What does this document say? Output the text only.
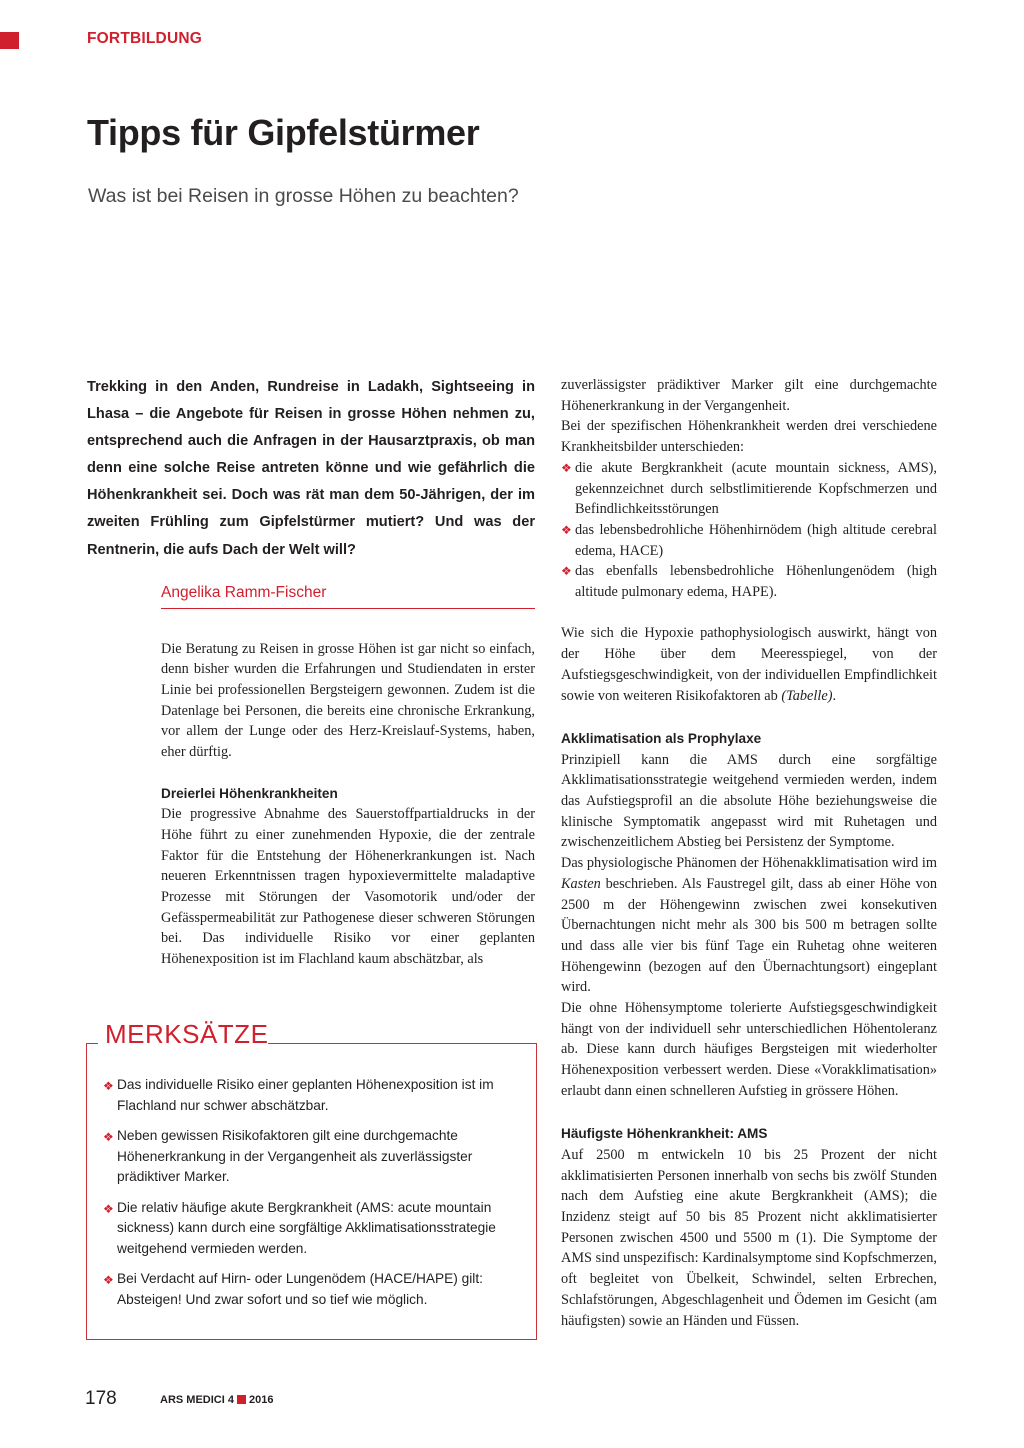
FORTBILDUNG
Tipps für Gipfelstürmer
Was ist bei Reisen in grosse Höhen zu beachten?

Trekking in den Anden, Rundreise in Ladakh, Sightseeing in Lhasa – die Angebote für Reisen in grosse Höhen nehmen zu, entsprechend auch die Anfragen in der Hausarztpraxis, ob man denn eine solche Reise antreten könne und wie gefährlich die Höhenkrankheit sei. Doch was rät man dem 50-Jährigen, der im zweiten Frühling zum Gipfelstürmer mutiert? Und was der Rentnerin, die aufs Dach der Welt will?

Angelika Ramm-Fischer

Die Beratung zu Reisen in grosse Höhen ist gar nicht so einfach, denn bisher wurden die Erfahrungen und Studiendaten in erster Linie bei professionellen Bergsteigern gewonnen. Zudem ist die Datenlage bei Personen, die bereits eine chronische Erkrankung, vor allem der Lunge oder des Herz-Kreislauf-Systems, haben, eher dürftig.

Dreierlei Höhenkrankheiten

Die progressive Abnahme des Sauerstoffpartialdrucks in der Höhe führt zu einer zunehmenden Hypoxie, die der zentrale Faktor für die Entstehung der Höhenerkrankungen ist. Nach neueren Erkenntnissen tragen hypoxievermittelte maladaptive Prozesse mit Störungen der Vasomotorik und/oder der Gefässpermeabilität zur Pathogenese dieser schweren Störungen bei. Das individuelle Risiko vor einer geplanten Höhenexposition ist im Flachland kaum abschätzbar, als

zuverlässigster prädiktiver Marker gilt eine durchgemachte Höhenerkrankung in der Vergangenheit.

Bei der spezifischen Höhenkrankheit werden drei verschiedene Krankheitsbilder unterschieden:

❖ die akute Bergkrankheit (acute mountain sickness, AMS), gekennzeichnet durch selbstlimitierende Kopfschmerzen und Befindlichkeitsstörungen
❖ das lebensbedrohliche Höhenhirnödem (high altitude cerebral edema, HACE)
❖ das ebenfalls lebensbedrohliche Höhenlungenödem (high altitude pulmonary edema, HAPE).

Wie sich die Hypoxie pathophysiologisch auswirkt, hängt von der Höhe über dem Meeresspiegel, von der Aufstiegsgeschwindigkeit, von der individuellen Empfindlichkeit sowie von weiteren Risikofaktoren ab (Tabelle).

Akklimatisation als Prophylaxe

Prinzipiell kann die AMS durch eine sorgfältige Akklimatisationsstrategie weitgehend vermieden werden, indem das Aufstiegsprofil an die absolute Höhe beziehungsweise die klinische Symptomatik angepasst wird mit Ruhetagen und zwischenzeitlichem Abstieg bei Persistenz der Symptome.

Das physiologische Phänomen der Höhenakklimatisation wird im Kasten beschrieben. Als Faustregel gilt, dass ab einer Höhe von 2500 m der Höhengewinn zwischen zwei konsekutiven Übernachtungen nicht mehr als 300 bis 500 m betragen sollte und dass alle vier bis fünf Tage ein Ruhetag ohne weiteren Höhengewinn (bezogen auf den Übernachtungsort) eingeplant wird.

Die ohne Höhensymptome tolerierte Aufstiegsgeschwindigkeit hängt von der individuell sehr unterschiedlichen Höhentoleranz ab. Diese kann durch häufiges Bergsteigen mit wiederholter Höhenexposition verbessert werden. Diese «Vorakklimatisation» erlaubt dann einen schnelleren Aufstieg in grössere Höhen.

Häufigste Höhenkrankheit: AMS

Auf 2500 m entwickeln 10 bis 25 Prozent der nicht akklimatisierten Personen innerhalb von sechs bis zwölf Stunden nach dem Aufstieg eine akute Bergkrankheit (AMS); die Inzidenz steigt auf 50 bis 85 Prozent nicht akklimatisierter Personen zwischen 4500 und 5500 m (1). Die Symptome der AMS sind unspezifisch: Kardinalsymptome sind Kopfschmerzen, oft begleitet von Übelkeit, Schwindel, selten Erbrechen, Schlafstörungen, Abgeschlagenheit und Ödemen im Gesicht (am häufigsten) sowie an Händen und Füssen.

MERKSÄTZE
❖ Das individuelle Risiko einer geplanten Höhenexposition ist im Flachland nur schwer abschätzbar.
❖ Neben gewissen Risikofaktoren gilt eine durchgemachte Höhenerkrankung in der Vergangenheit als zuverlässigster prädiktiver Marker.
❖ Die relativ häufige akute Bergkrankheit (AMS: acute mountain sickness) kann durch eine sorgfältige Akklimatisationsstrategie weitgehend vermieden werden.
❖ Bei Verdacht auf Hirn- oder Lungenödem (HACE/HAPE) gilt: Absteigen! Und zwar sofort und so tief wie möglich.
178	ARS MEDICI 4 2016
